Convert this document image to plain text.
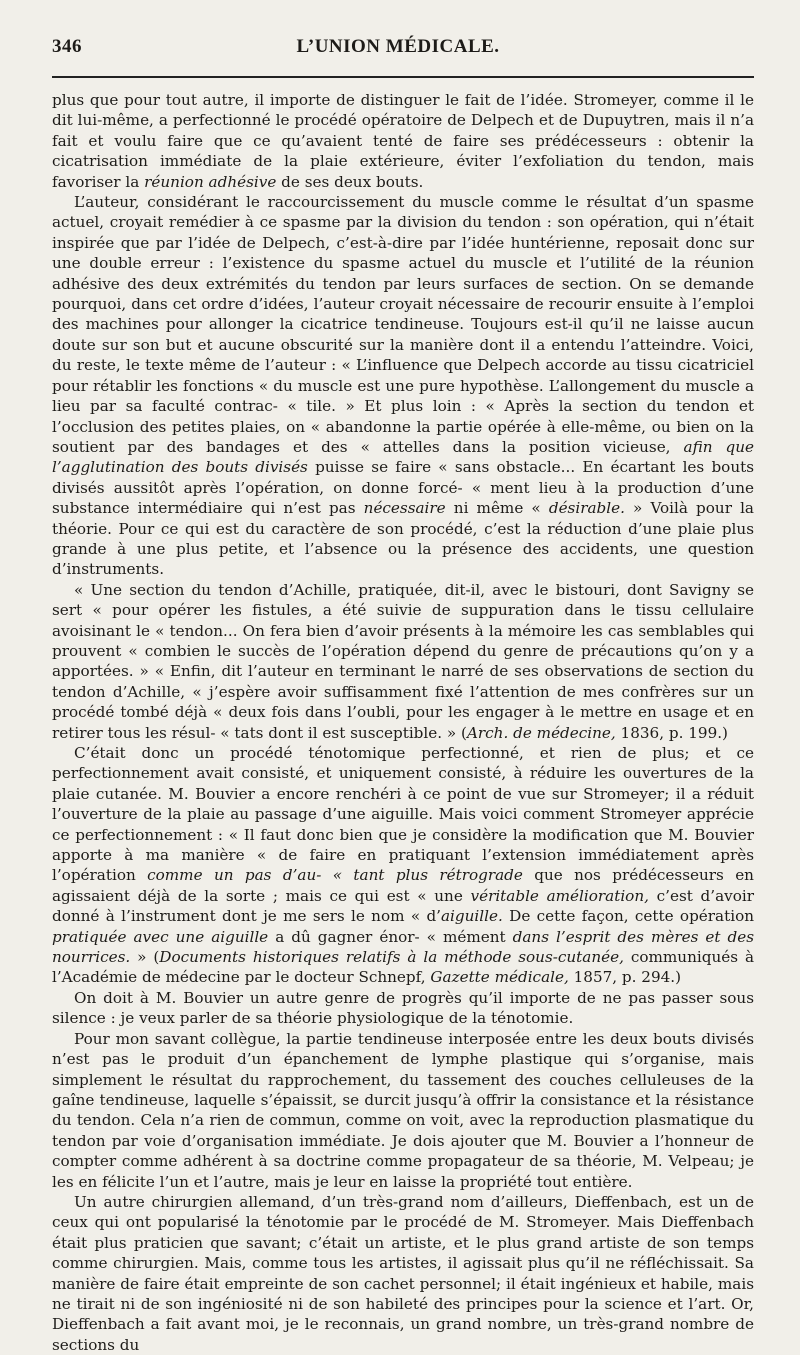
346	L’UNION MÉDICALE.

plus que pour tout autre, il importe de distinguer le fait de l’idée. Stromeyer, comme il le dit lui-même, a perfectionné le procédé opératoire de Delpech et de Dupuytren, mais il n’a fait et voulu faire que ce qu’avaient tenté de faire ses prédécesseurs : obtenir la cicatrisation immédiate de la plaie extérieure, éviter l’exfoliation du tendon, mais favoriser la réunion adhésive de ses deux bouts.

L’auteur, considérant le raccourcissement du muscle comme le résultat d’un spasme actuel, croyait remédier à ce spasme par la division du tendon : son opération, qui n’était inspirée que par l’idée de Delpech, c’est-à-dire par l’idée huntérienne, reposait donc sur une double erreur : l’existence du spasme actuel du muscle et l’utilité de la réunion adhésive des deux extrémités du tendon par leurs surfaces de section. On se demande pourquoi, dans cet ordre d’idées, l’auteur croyait nécessaire de recourir ensuite à l’emploi des machines pour allonger la cicatrice tendineuse. Toujours est-il qu’il ne laisse aucun doute sur son but et aucune obscurité sur la manière dont il a entendu l’atteindre. Voici, du reste, le texte même de l’auteur : « L’influence que Delpech accorde au tissu cicatriciel pour rétablir les fonctions « du muscle est une pure hypothèse. L’allongement du muscle a lieu par sa faculté contrac- « tile. » Et plus loin : « Après la section du tendon et l’occlusion des petites plaies, on « abandonne la partie opérée à elle-même, ou bien on la soutient par des bandages et des « attelles dans la position vicieuse, afin que l’agglutination des bouts divisés puisse se faire « sans obstacle... En écartant les bouts divisés aussitôt après l’opération, on donne forcé- « ment lieu à la production d’une substance intermédiaire qui n’est pas nécessaire ni même « désirable. » Voilà pour la théorie. Pour ce qui est du caractère de son procédé, c’est la réduction d’une plaie plus grande à une plus petite, et l’absence ou la présence des accidents, une question d’instruments.

« Une section du tendon d’Achille, pratiquée, dit-il, avec le bistouri, dont Savigny se sert « pour opérer les fistules, a été suivie de suppuration dans le tissu cellulaire avoisinant le « tendon... On fera bien d’avoir présents à la mémoire les cas semblables qui prouvent « combien le succès de l’opération dépend du genre de précautions qu’on y a apportées. » « Enfin, dit l’auteur en terminant le narré de ses observations de section du tendon d’Achille, « j’espère avoir suffisamment fixé l’attention de mes confrères sur un procédé tombé déjà « deux fois dans l’oubli, pour les engager à le mettre en usage et en retirer tous les résul- « tats dont il est susceptible. » (Arch. de médecine, 1836, p. 199.)

C’était donc un procédé ténotomique perfectionné, et rien de plus; et ce perfectionnement avait consisté, et uniquement consisté, à réduire les ouvertures de la plaie cutanée. M. Bouvier a encore renchéri à ce point de vue sur Stromeyer; il a réduit l’ouverture de la plaie au passage d’une aiguille. Mais voici comment Stromeyer apprécie ce perfectionnement : « Il faut donc bien que je considère la modification que M. Bouvier apporte à ma manière « de faire en pratiquant l’extension immédiatement après l’opération comme un pas d’au- « tant plus rétrograde que nos prédécesseurs en agissaient déjà de la sorte ; mais ce qui est « une véritable amélioration, c’est d’avoir donné à l’instrument dont je me sers le nom « d’aiguille. De cette façon, cette opération pratiquée avec une aiguille a dû gagner énor- « mément dans l’esprit des mères et des nourrices. » (Documents historiques relatifs à la méthode sous-cutanée, communiqués à l’Académie de médecine par le docteur Schnepf, Gazette médicale, 1857, p. 294.)

On doit à M. Bouvier un autre genre de progrès qu’il importe de ne pas passer sous silence : je veux parler de sa théorie physiologique de la ténotomie.

Pour mon savant collègue, la partie tendineuse interposée entre les deux bouts divisés n’est pas le produit d’un épanchement de lymphe plastique qui s’organise, mais simplement le résultat du rapprochement, du tassement des couches celluleuses de la gaîne tendineuse, laquelle s’épaissit, se durcit jusqu’à offrir la consistance et la résistance du tendon. Cela n’a rien de commun, comme on voit, avec la reproduction plasmatique du tendon par voie d’organisation immédiate. Je dois ajouter que M. Bouvier a l’honneur de compter comme adhérent à sa doctrine comme propagateur de sa théorie, M. Velpeau; je les en félicite l’un et l’autre, mais je leur en laisse la propriété tout entière.

Un autre chirurgien allemand, d’un très-grand nom d’ailleurs, Dieffenbach, est un de ceux qui ont popularisé la ténotomie par le procédé de M. Stromeyer. Mais Dieffenbach était plus praticien que savant; c’était un artiste, et le plus grand artiste de son temps comme chirurgien. Mais, comme tous les artistes, il agissait plus qu’il ne réfléchissait. Sa manière de faire était empreinte de son cachet personnel; il était ingénieux et habile, mais ne tirait ni de son ingéniosité ni de son habileté des principes pour la science et l’art. Or, Dieffenbach a fait avant moi, je le reconnais, un grand nombre, un très-grand nombre de sections du
